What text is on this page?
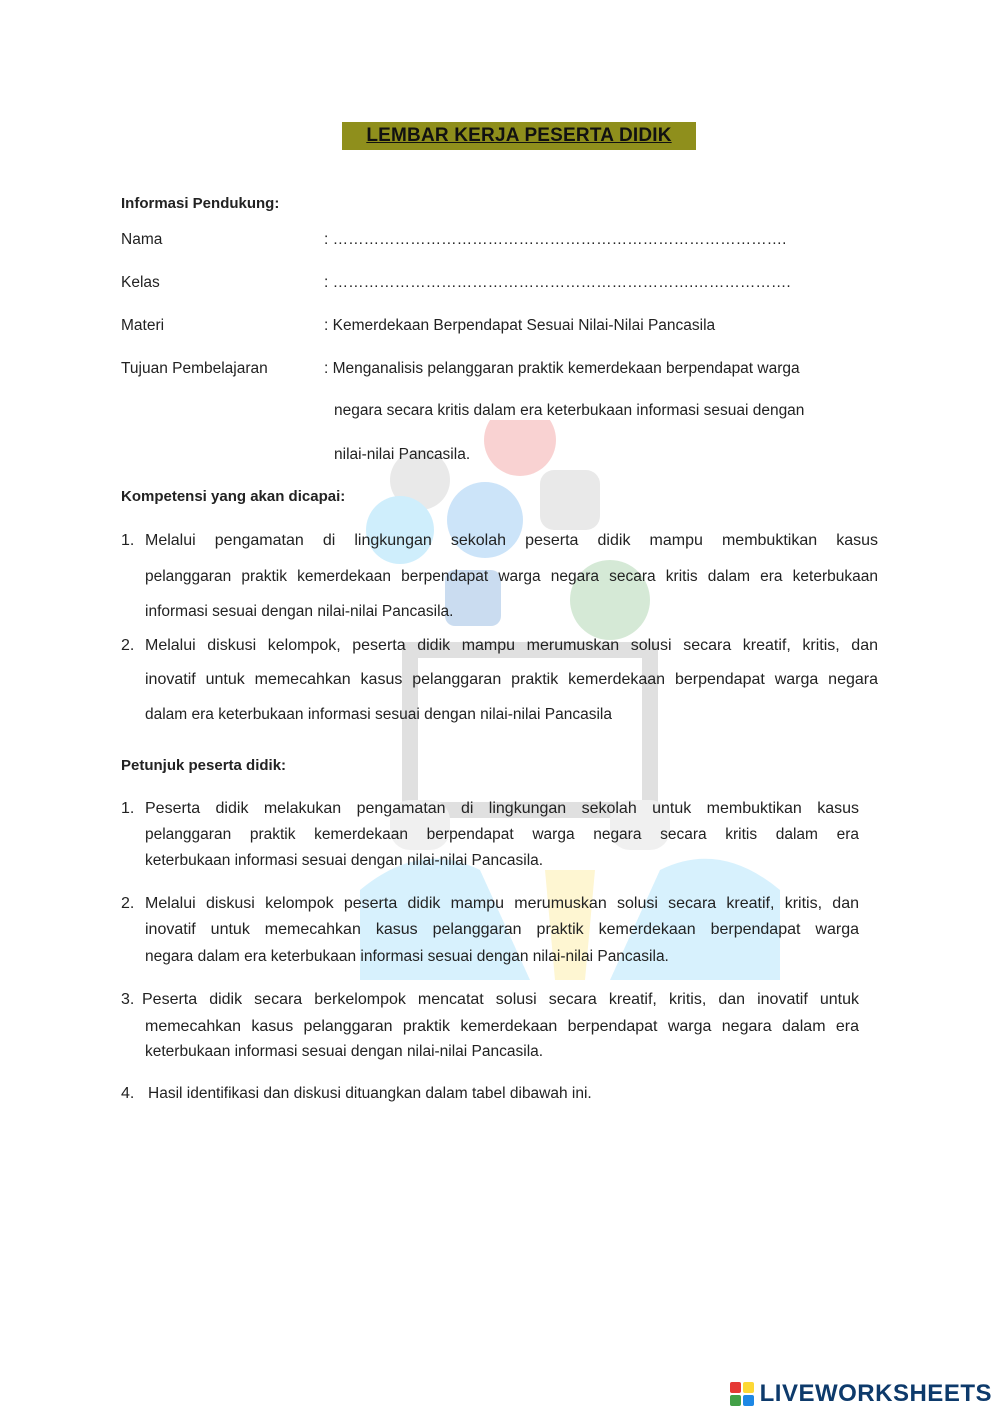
LEMBAR KERJA PESERTA DIDIK
Informasi Pendukung:
Nama	: …………………………………………………………………………….
Kelas	: …………………………………………………………….……………….
Materi	: Kemerdekaan Berpendapat Sesuai Nilai-Nilai Pancasila
Tujuan Pembelajaran	: Menganalisis pelanggaran praktik kemerdekaan berpendapat warga
negara secara kritis dalam era keterbukaan informasi sesuai dengan
nilai-nilai Pancasila.
Kompetensi yang akan dicapai:
1. Melalui pengamatan di lingkungan sekolah peserta didik mampu membuktikan kasus
pelanggaran praktik kemerdekaan berpendapat warga negara secara kritis dalam era keterbukaan
informasi sesuai dengan nilai-nilai Pancasila.
2. Melalui diskusi kelompok, peserta didik mampu merumuskan solusi secara kreatif, kritis, dan
inovatif untuk memecahkan kasus pelanggaran praktik kemerdekaan berpendapat warga negara
dalam era keterbukaan informasi sesuai dengan nilai-nilai Pancasila
Petunjuk peserta didik:
1. Peserta didik melakukan pengamatan di lingkungan sekolah untuk membuktikan kasus
pelanggaran praktik kemerdekaan berpendapat warga negara secara kritis dalam era
keterbukaan informasi sesuai dengan nilai-nilai Pancasila.
2. Melalui diskusi kelompok peserta didik mampu merumuskan solusi secara kreatif, kritis, dan
inovatif untuk memecahkan kasus pelanggaran praktik kemerdekaan berpendapat warga
negara dalam era keterbukaan informasi sesuai dengan nilai-nilai Pancasila.
3. Peserta didik secara berkelompok mencatat solusi secara kreatif, kritis, dan inovatif untuk
memecahkan kasus pelanggaran praktik kemerdekaan berpendapat warga negara dalam era
keterbukaan informasi sesuai dengan nilai-nilai Pancasila.
4. Hasil identifikasi dan diskusi dituangkan dalam tabel dibawah ini.
LIVEWORKSHEETS
